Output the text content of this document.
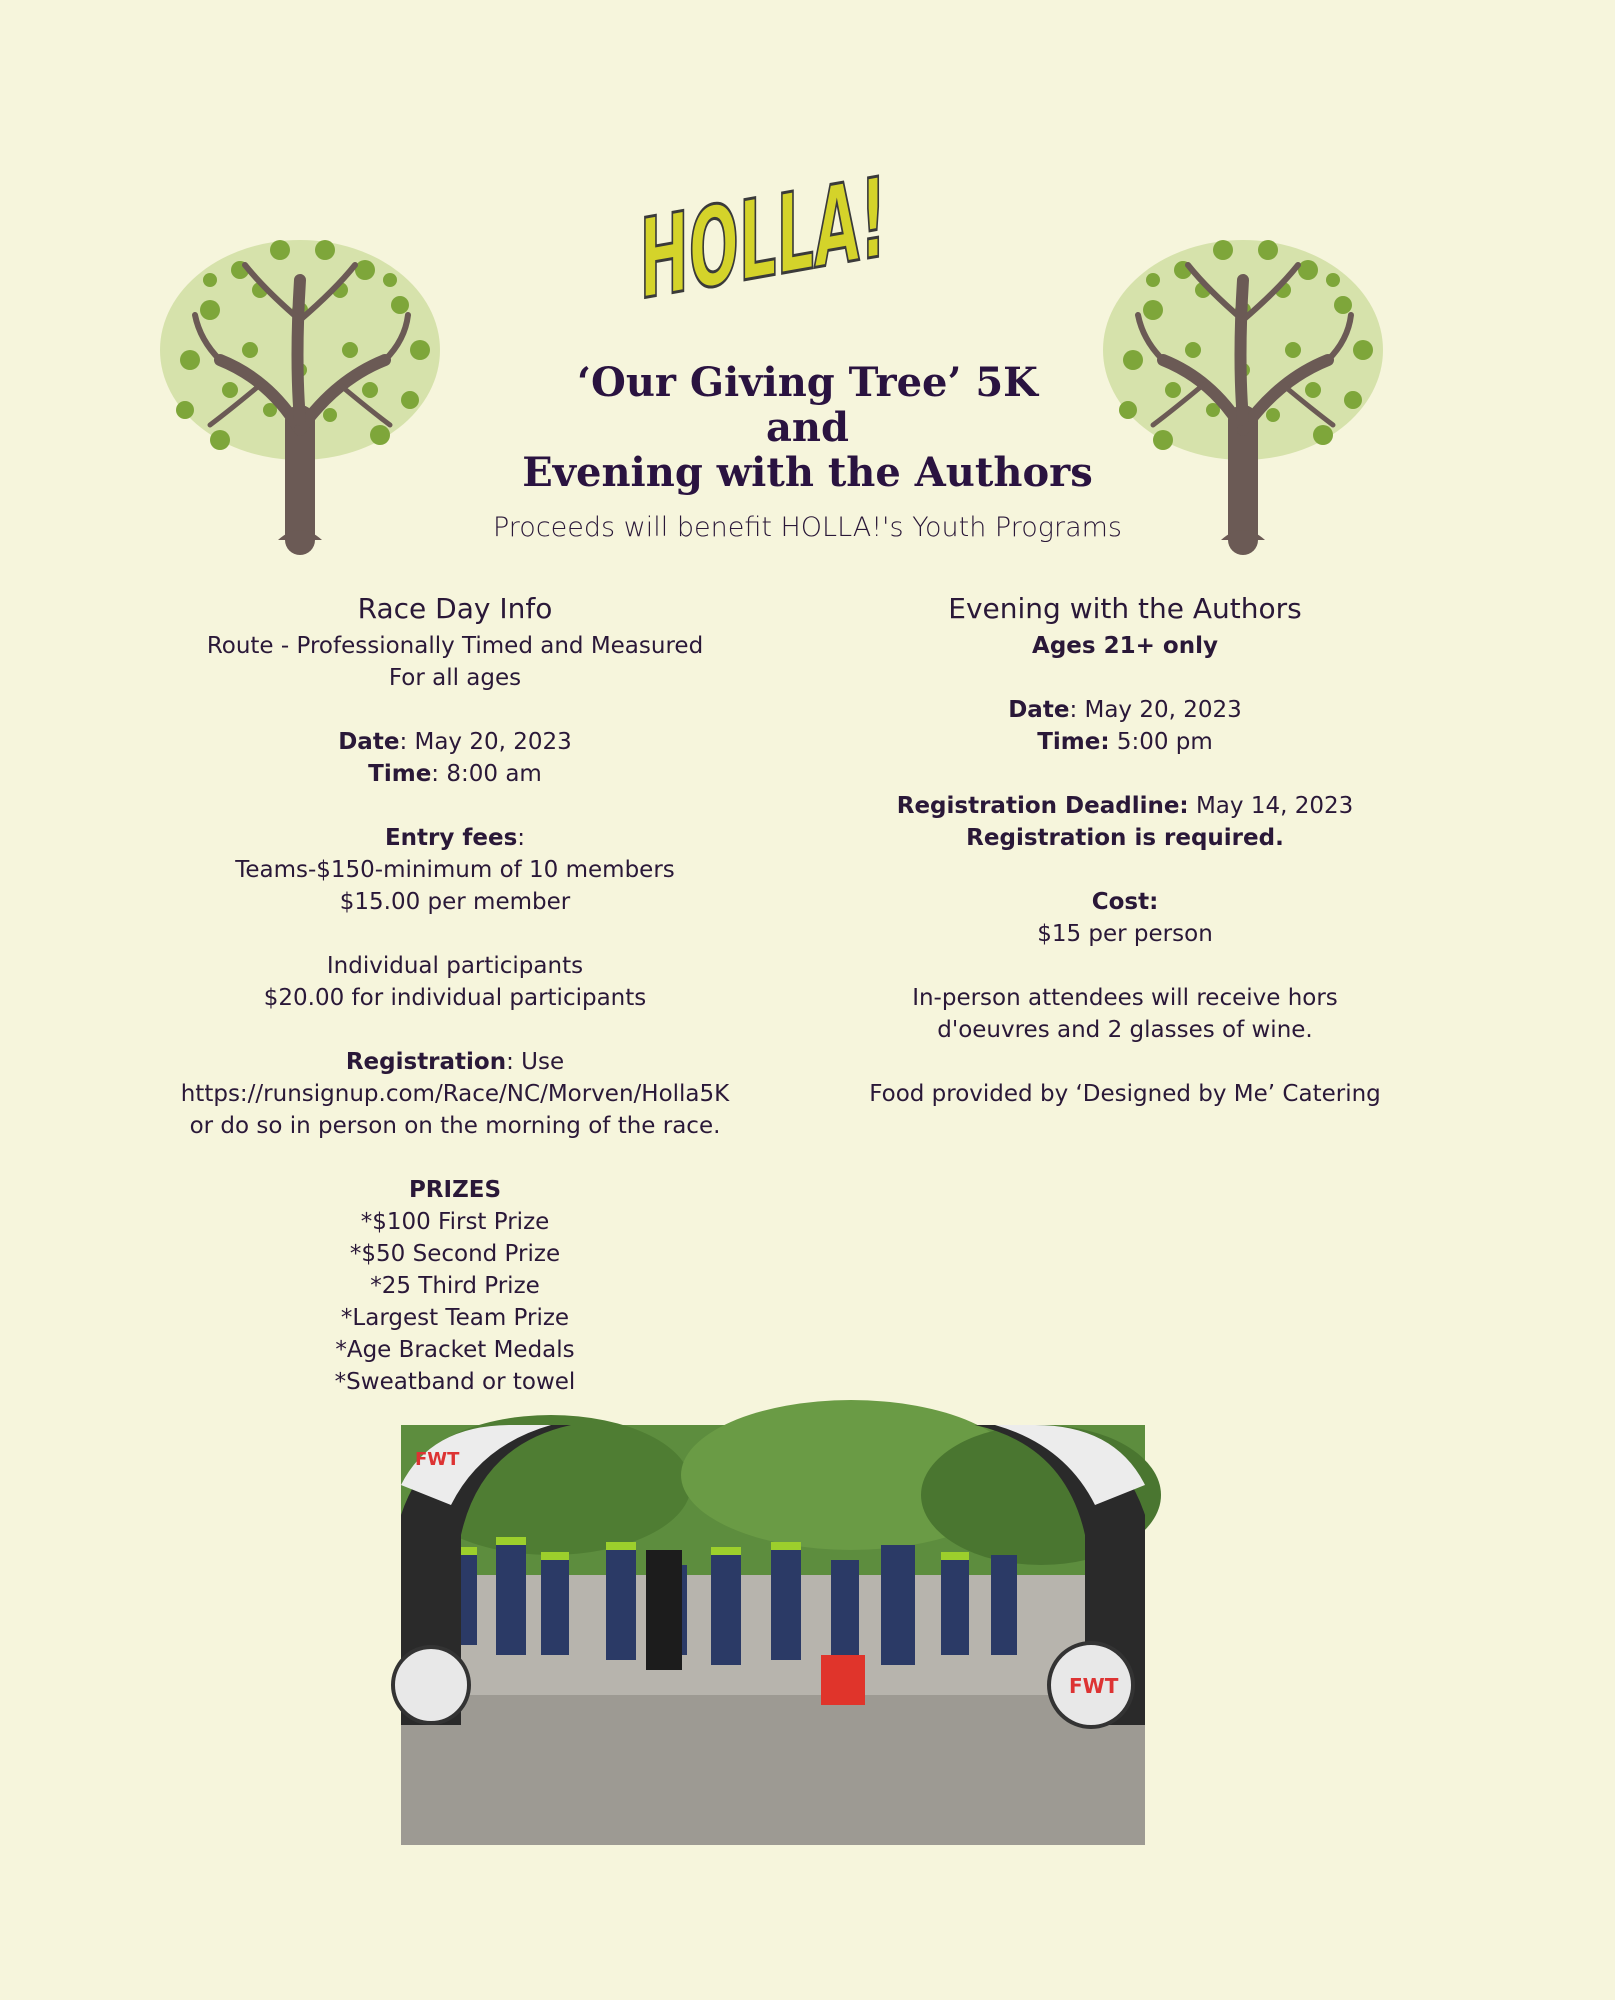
HOLLA!
‘Our Giving Tree’ 5K
and
Evening with the Authors
Proceeds will benefit HOLLA!'s Youth Programs
Race Day Info
Route - Professionally Timed and Measured
For all ages
Date: May 20, 2023
Time: 8:00 am
Entry fees:
Teams-$150-minimum of 10 members
$15.00 per member
Individual participants
$20.00 for individual participants
Registration: Use
https://runsignup.com/Race/NC/Morven/Holla5K
or do so in person on the morning of the race.
PRIZES
*$100 First Prize
*$50 Second Prize
*25 Third Prize
*Largest Team Prize
*Age Bracket Medals
*Sweatband or towel
Evening with the Authors
Ages 21+ only
Date: May 20, 2023
Time: 5:00 pm
Registration Deadline: May 14, 2023
Registration is required.
Cost:
$15 per person
In-person attendees will receive hors
d'oeuvres and 2 glasses of wine.
Food provided by ‘Designed by Me’ Catering
FWT
FWT
